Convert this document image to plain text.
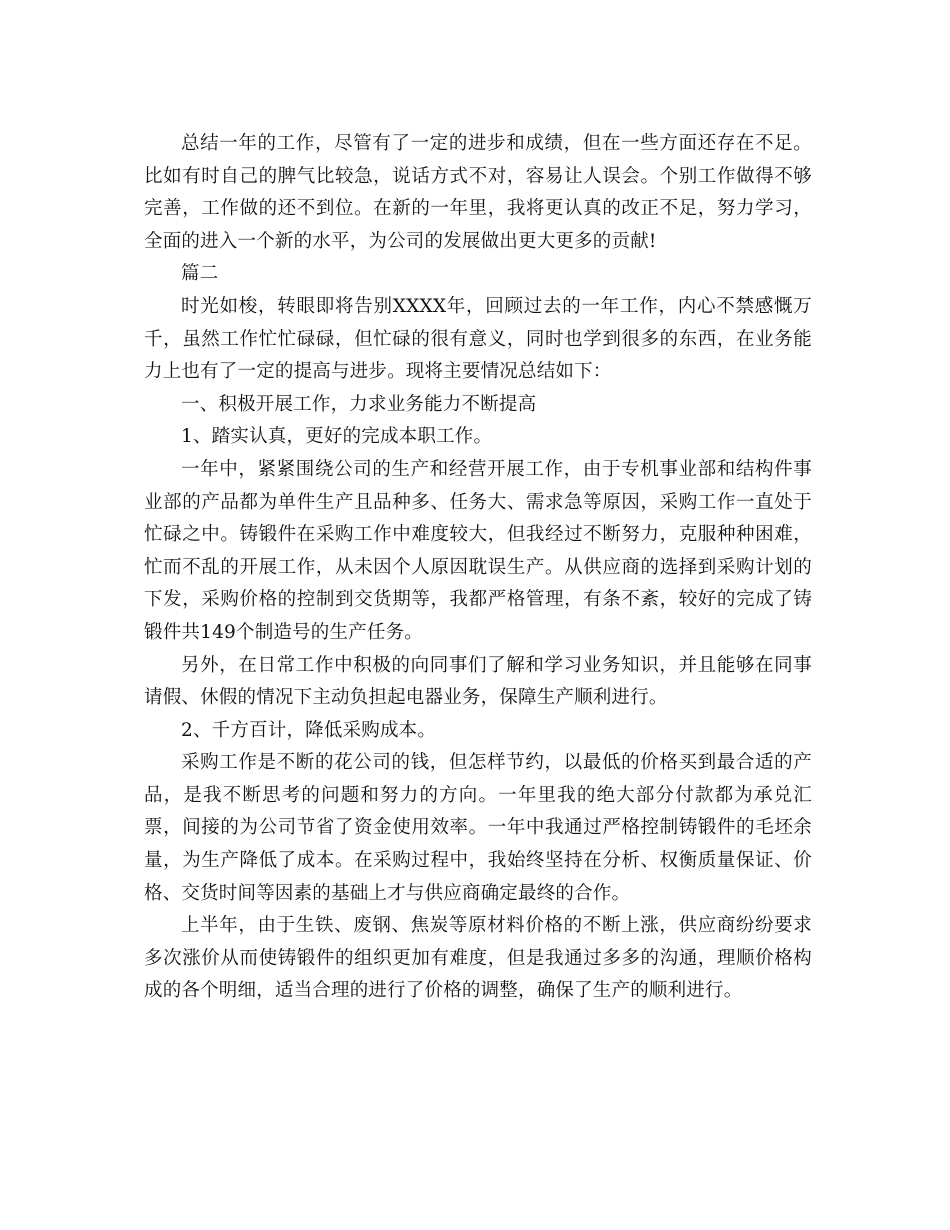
总结一年的工作，尽管有了一定的进步和成绩，但在一些方面还存在不足。比如有时自己的脾气比较急，说话方式不对，容易让人误会。个别工作做得不够完善，工作做的还不到位。在新的一年里，我将更认真的改正不足，努力学习，全面的进入一个新的水平，为公司的发展做出更大更多的贡献!

篇二

时光如梭，转眼即将告别XXXX年，回顾过去的一年工作，内心不禁感慨万千，虽然工作忙忙碌碌，但忙碌的很有意义，同时也学到很多的东西，在业务能力上也有了一定的提高与进步。现将主要情况总结如下：

一、积极开展工作，力求业务能力不断提高

1、踏实认真，更好的完成本职工作。

一年中，紧紧围绕公司的生产和经营开展工作，由于专机事业部和结构件事业部的产品都为单件生产且品种多、任务大、需求急等原因，采购工作一直处于忙碌之中。铸锻件在采购工作中难度较大，但我经过不断努力，克服种种困难，忙而不乱的开展工作，从未因个人原因耽误生产。从供应商的选择到采购计划的下发，采购价格的控制到交货期等，我都严格管理，有条不紊，较好的完成了铸锻件共149个制造号的生产任务。

另外，在日常工作中积极的向同事们了解和学习业务知识，并且能够在同事请假、休假的情况下主动负担起电器业务，保障生产顺利进行。

2、千方百计，降低采购成本。

采购工作是不断的花公司的钱，但怎样节约，以最低的价格买到最合适的产品，是我不断思考的问题和努力的方向。一年里我的绝大部分付款都为承兑汇票，间接的为公司节省了资金使用效率。一年中我通过严格控制铸锻件的毛坯余量，为生产降低了成本。在采购过程中，我始终坚持在分析、权衡质量保证、价格、交货时间等因素的基础上才与供应商确定最终的合作。

上半年，由于生铁、废钢、焦炭等原材料价格的不断上涨，供应商纷纷要求多次涨价从而使铸锻件的组织更加有难度，但是我通过多多的沟通，理顺价格构成的各个明细，适当合理的进行了价格的调整，确保了生产的顺利进行。
